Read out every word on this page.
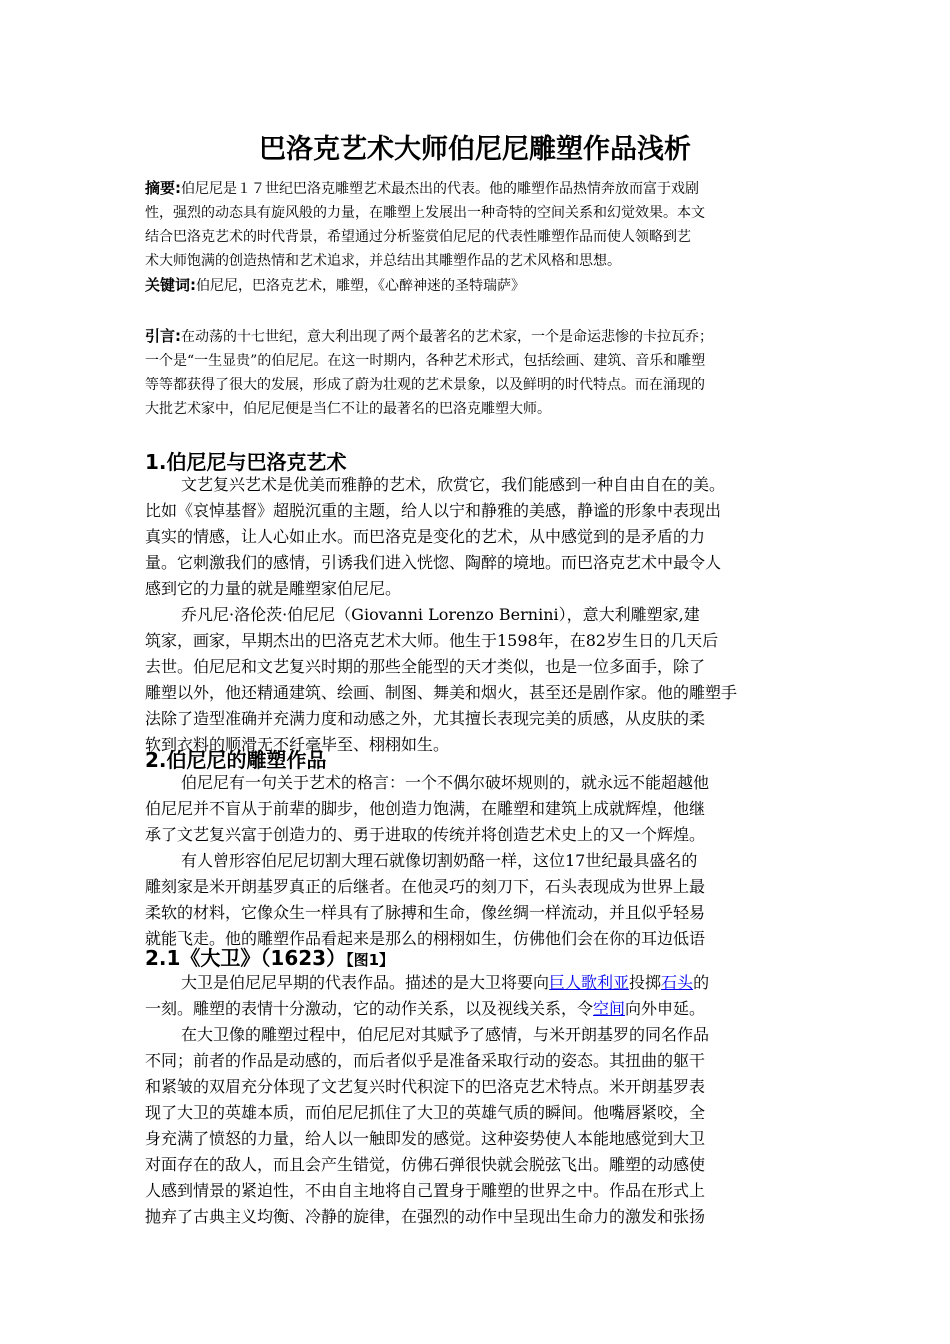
巴洛克艺术大师伯尼尼雕塑作品浅析
摘要:伯尼尼是１７世纪巴洛克雕塑艺术最杰出的代表。他的雕塑作品热情奔放而富于戏剧
性，强烈的动态具有旋风般的力量，在雕塑上发展出一种奇特的空间关系和幻觉效果。本文
结合巴洛克艺术的时代背景，希望通过分析鉴赏伯尼尼的代表性雕塑作品而使人领略到艺
术大师饱满的创造热情和艺术追求，并总结出其雕塑作品的艺术风格和思想。
关键词:伯尼尼，巴洛克艺术，雕塑，《心醉神迷的圣特瑞萨》
引言:在动荡的十七世纪，意大利出现了两个最著名的艺术家，一个是命运悲惨的卡拉瓦乔；
一个是“一生显贵”的伯尼尼。在这一时期内，各种艺术形式，包括绘画、建筑、音乐和雕塑
等等都获得了很大的发展，形成了蔚为壮观的艺术景象，以及鲜明的时代特点。而在涌现的
大批艺术家中，伯尼尼便是当仁不让的最著名的巴洛克雕塑大师。
1.伯尼尼与巴洛克艺术
文艺复兴艺术是优美而雅静的艺术，欣赏它，我们能感到一种自由自在的美。
比如《哀悼基督》超脱沉重的主题，给人以宁和静雅的美感，静谧的形象中表现出
真实的情感，让人心如止水。而巴洛克是变化的艺术，从中感觉到的是矛盾的力
量。它刺激我们的感情，引诱我们进入恍惚、陶醉的境地。而巴洛克艺术中最令人
感到它的力量的就是雕塑家伯尼尼。
乔凡尼·洛伦茨·伯尼尼（Giovanni Lorenzo Bernini），意大利雕塑家,建
筑家，画家，早期杰出的巴洛克艺术大师。他生于1598年，在82岁生日的几天后
去世。伯尼尼和文艺复兴时期的那些全能型的天才类似，也是一位多面手，除了
雕塑以外，他还精通建筑、绘画、制图、舞美和烟火，甚至还是剧作家。他的雕塑手
法除了造型准确并充满力度和动感之外，尤其擅长表现完美的质感，从皮肤的柔
软到衣料的顺滑无不纤毫毕至、栩栩如生。
2.伯尼尼的雕塑作品
伯尼尼有一句关于艺术的格言：一个不偶尔破坏规则的，就永远不能超越他
伯尼尼并不盲从于前辈的脚步，他创造力饱满，在雕塑和建筑上成就辉煌，他继
承了文艺复兴富于创造力的、勇于进取的传统并将创造艺术史上的又一个辉煌。
有人曾形容伯尼尼切割大理石就像切割奶酪一样，这位17世纪最具盛名的
雕刻家是米开朗基罗真正的后继者。在他灵巧的刻刀下，石头表现成为世界上最
柔软的材料，它像众生一样具有了脉搏和生命，像丝绸一样流动，并且似乎轻易
就能飞走。他的雕塑作品看起来是那么的栩栩如生，仿佛他们会在你的耳边低语
2.1《大卫》（1623）【图1】
大卫是伯尼尼早期的代表作品。描述的是大卫将要向巨人歌利亚投掷石头的
一刻。雕塑的表情十分激动，它的动作关系，以及视线关系，令空间向外申延。
在大卫像的雕塑过程中，伯尼尼对其赋予了感情，与米开朗基罗的同名作品
不同；前者的作品是动感的，而后者似乎是准备采取行动的姿态。其扭曲的躯干
和紧皱的双眉充分体现了文艺复兴时代积淀下的巴洛克艺术特点。米开朗基罗表
现了大卫的英雄本质，而伯尼尼抓住了大卫的英雄气质的瞬间。他嘴唇紧咬，全
身充满了愤怒的力量，给人以一触即发的感觉。这种姿势使人本能地感觉到大卫
对面存在的敌人，而且会产生错觉，仿佛石弹很快就会脱弦飞出。雕塑的动感使
人感到情景的紧迫性，不由自主地将自己置身于雕塑的世界之中。作品在形式上
抛弃了古典主义均衡、冷静的旋律，在强烈的动作中呈现出生命力的激发和张扬
